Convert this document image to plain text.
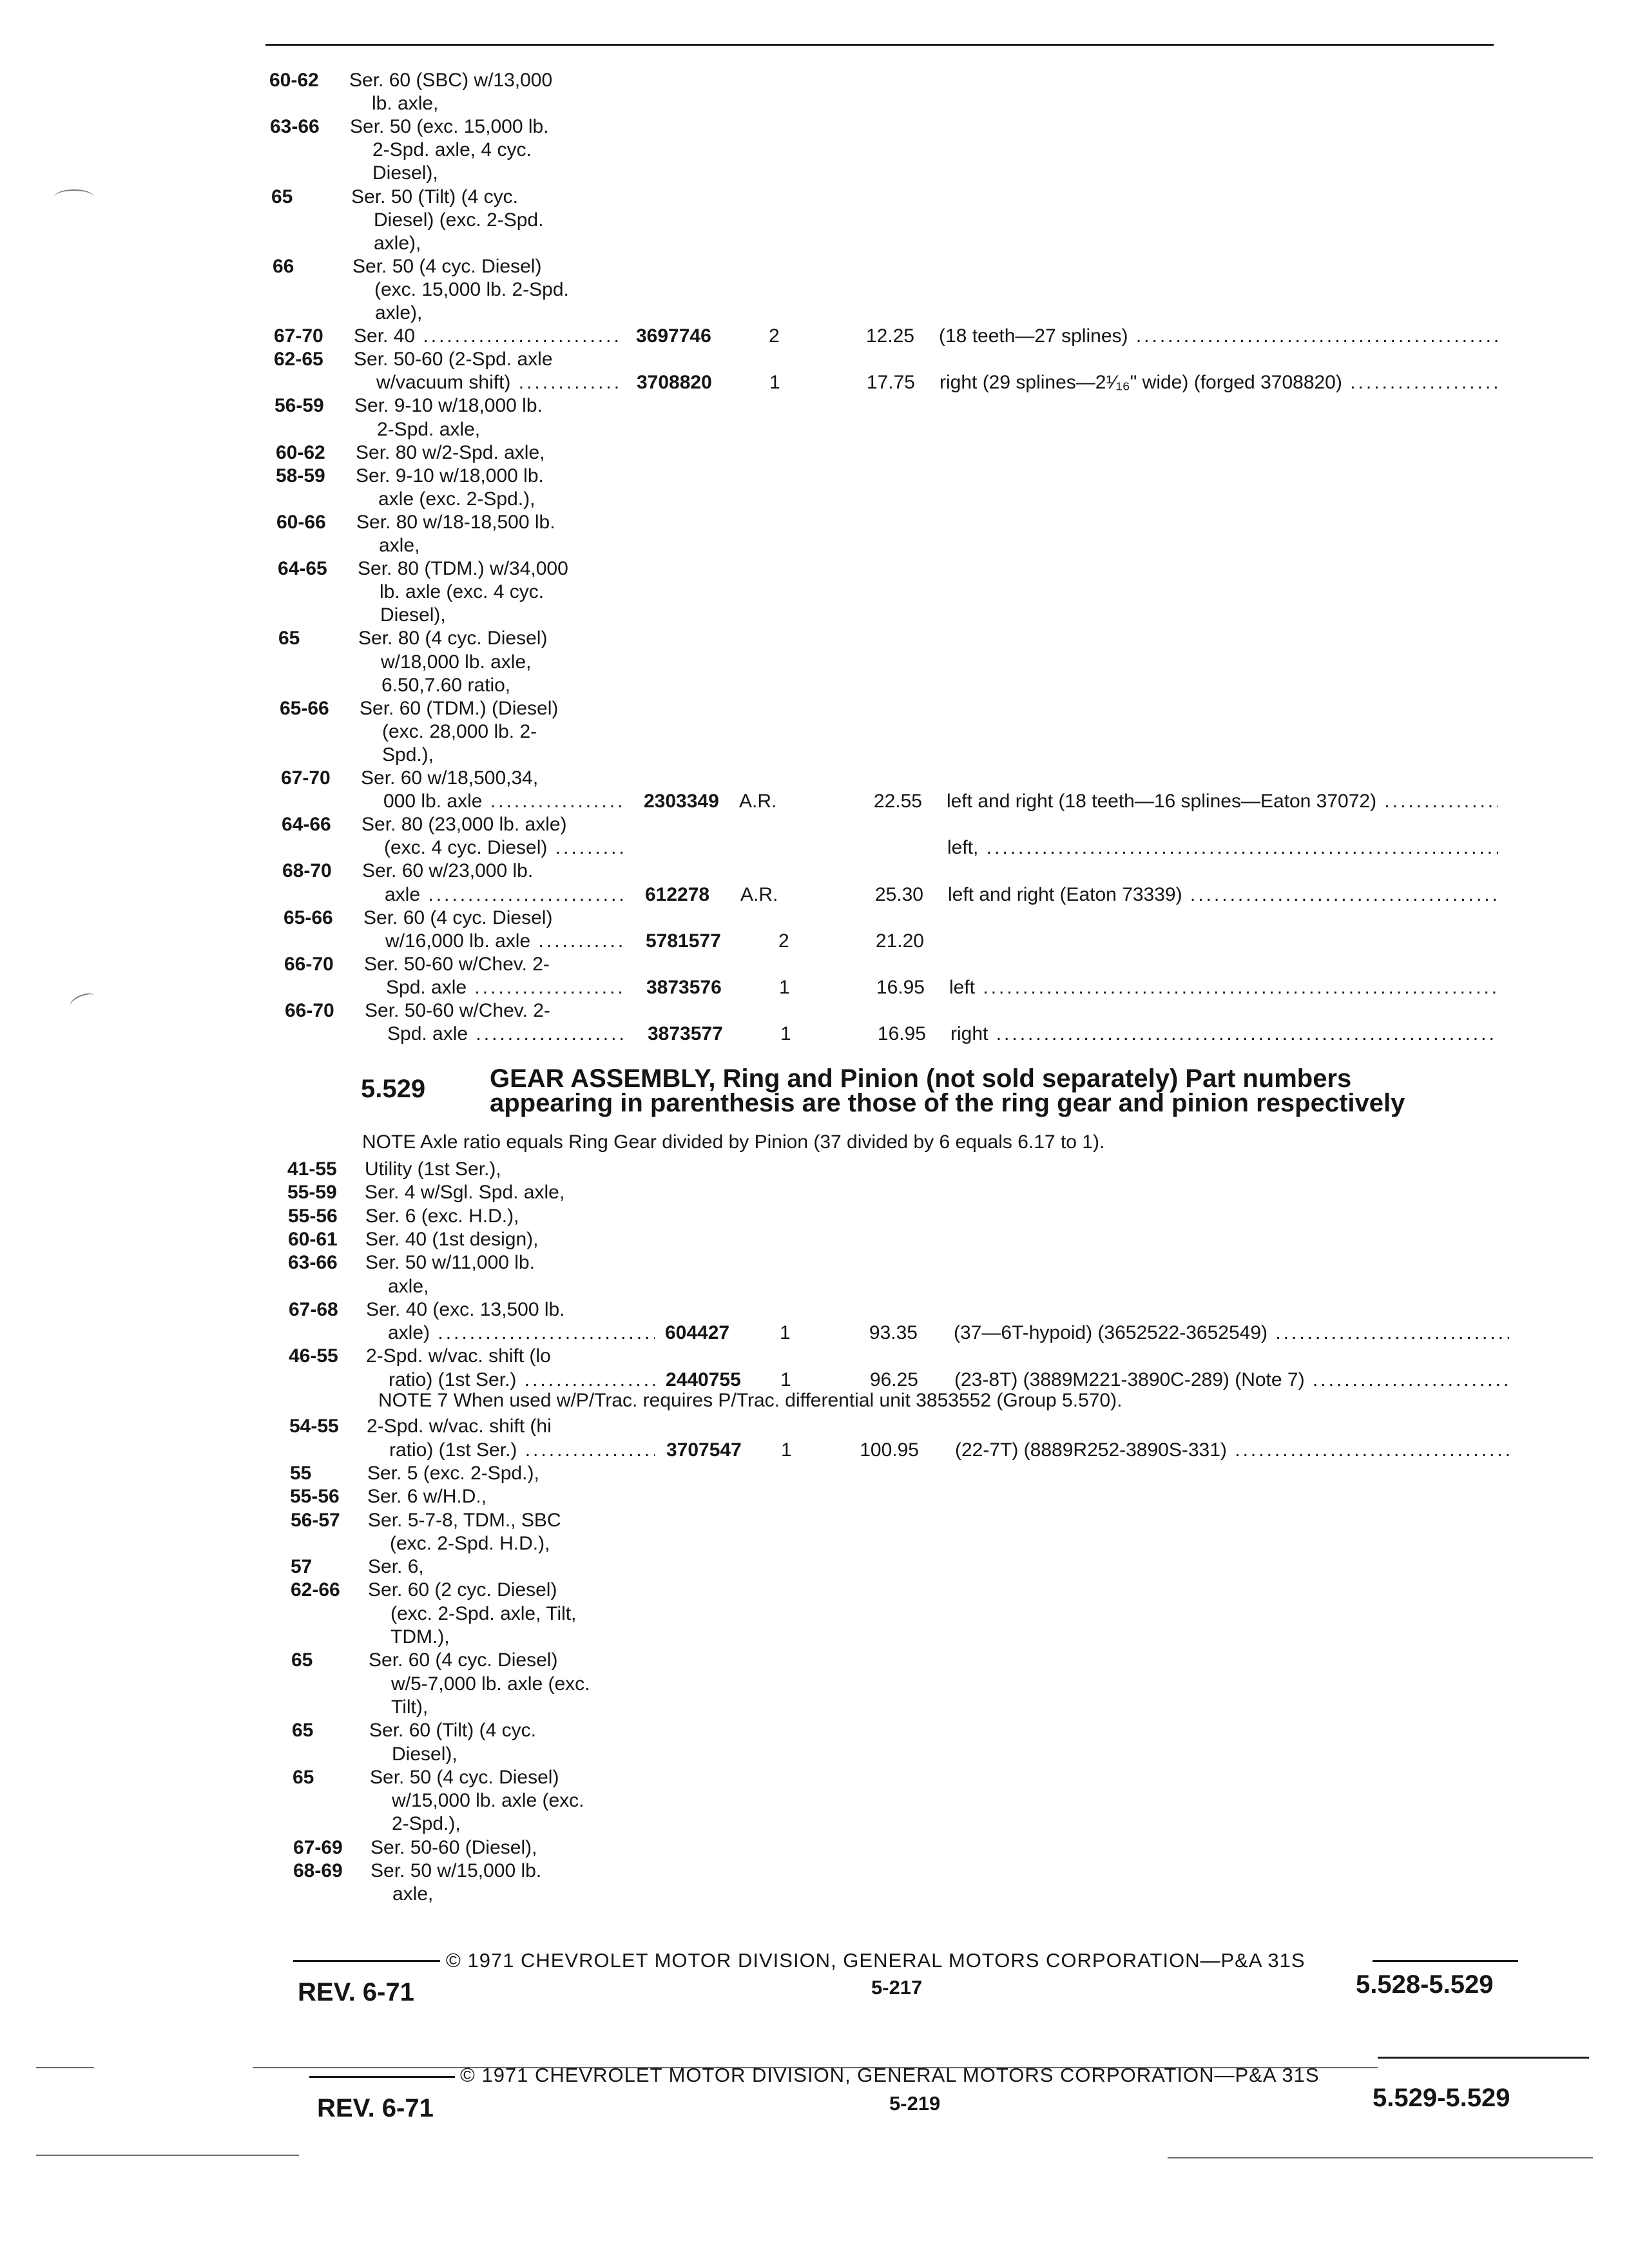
60-62 Ser. 60 (SBC) w/13,000
lb. axle,
63-66 Ser. 50 (exc. 15,000 lb.
2-Spd. axle, 4 cyc.
Diesel),
65	Ser. 50 (Tilt) (4 cyc.
Diesel) (exc. 2-Spd.
axle),
66	Ser. 50 (4 cyc. Diesel)
(exc. 15,000 lb. 2-Spd.
axle),
67-70 Ser. 40 .....	3697746	2	12.25 (18 teeth—27 splines) .....
62-65 Ser. 50-60 (2-Spd. axle
w/vacuum shift) .....	3708820	1	17.75 right (29 splines—2¹⁄₁₆" wide) (forged 3708820) .....
56-59 Ser. 9-10 w/18,000 lb.
2-Spd. axle,
60-62 Ser. 80 w/2-Spd. axle,
58-59 Ser. 9-10 w/18,000 lb.
axle (exc. 2-Spd.),
60-66 Ser. 80 w/18-18,500 lb.
axle,
64-65 Ser. 80 (TDM.) w/34,000
lb. axle (exc. 4 cyc.
Diesel),
65	Ser. 80 (4 cyc. Diesel)
w/18,000 lb. axle,
6.50,7.60 ratio,
65-66 Ser. 60 (TDM.) (Diesel)
(exc. 28,000 lb. 2-
Spd.),
67-70 Ser. 60 w/18,500,34,
000 lb. axle .....	2303349 A.R.	22.55 left and right (18 teeth—16 splines—Eaton 37072) .....
64-66 Ser. 80 (23,000 lb. axle)
(exc. 4 cyc. Diesel) .....	left, .....
68-70 Ser. 60 w/23,000 lb.
axle .....	612278 A.R.	25.30 left and right (Eaton 73339) .....
65-66 Ser. 60 (4 cyc. Diesel)
w/16,000 lb. axle .....	5781577	2	21.20
66-70 Ser. 50-60 w/Chev. 2-
Spd. axle .....	3873576	1	16.95 left .....
66-70 Ser. 50-60 w/Chev. 2-
Spd. axle .....	3873577	1	16.95 right .....
5.529 GEAR ASSEMBLY, Ring and Pinion (not sold separately) Part numbers
appearing in parenthesis are those of the ring gear and pinion respectively
NOTE Axle ratio equals Ring Gear divided by Pinion (37 divided by 6 equals 6.17 to 1).
41-55 Utility (1st Ser.),
55-59 Ser. 4 w/Sgl. Spd. axle,
55-56 Ser. 6 (exc. H.D.),
60-61 Ser. 40 (1st design),
63-66 Ser. 50 w/11,000 lb.
axle,
67-68 Ser. 40 (exc. 13,500 lb.
axle) .....	604427	1	93.35 (37—6T-hypoid) (3652522-3652549) .....
46-55 2-Spd. w/vac. shift (lo
ratio) (1st Ser.) .....	2440755 1	96.25 (23-8T) (3889M221-3890C-289) (Note 7) .....
NOTE 7 When used w/P/Trac. requires P/Trac. differential unit 3853552 (Group 5.570).
54-55 2-Spd. w/vac. shift (hi
ratio) (1st Ser.) .....	3707547 1	100.95 (22-7T) (8889R252-3890S-331) .....
55	Ser. 5 (exc. 2-Spd.),
55-56 Ser. 6 w/H.D.,
56-57 Ser. 5-7-8, TDM., SBC
(exc. 2-Spd. H.D.),
57	Ser. 6,
62-66 Ser. 60 (2 cyc. Diesel)
(exc. 2-Spd. axle, Tilt,
TDM.),
65	Ser. 60 (4 cyc. Diesel)
w/5-7,000 lb. axle (exc.
Tilt),
65	Ser. 60 (Tilt) (4 cyc.
Diesel),
65	Ser. 50 (4 cyc. Diesel)
w/15,000 lb. axle (exc.
2-Spd.),
67-69 Ser. 50-60 (Diesel),
68-69 Ser. 50 w/15,000 lb.
axle,
© 1971 CHEVROLET MOTOR DIVISION, GENERAL MOTORS CORPORATION—P&A 31S
REV. 6-71	5-217	5.528-5.529
© 1971 CHEVROLET MOTOR DIVISION, GENERAL MOTORS CORPORATION—P&A 31S
REV. 6-71	5-219	5.529-5.529
